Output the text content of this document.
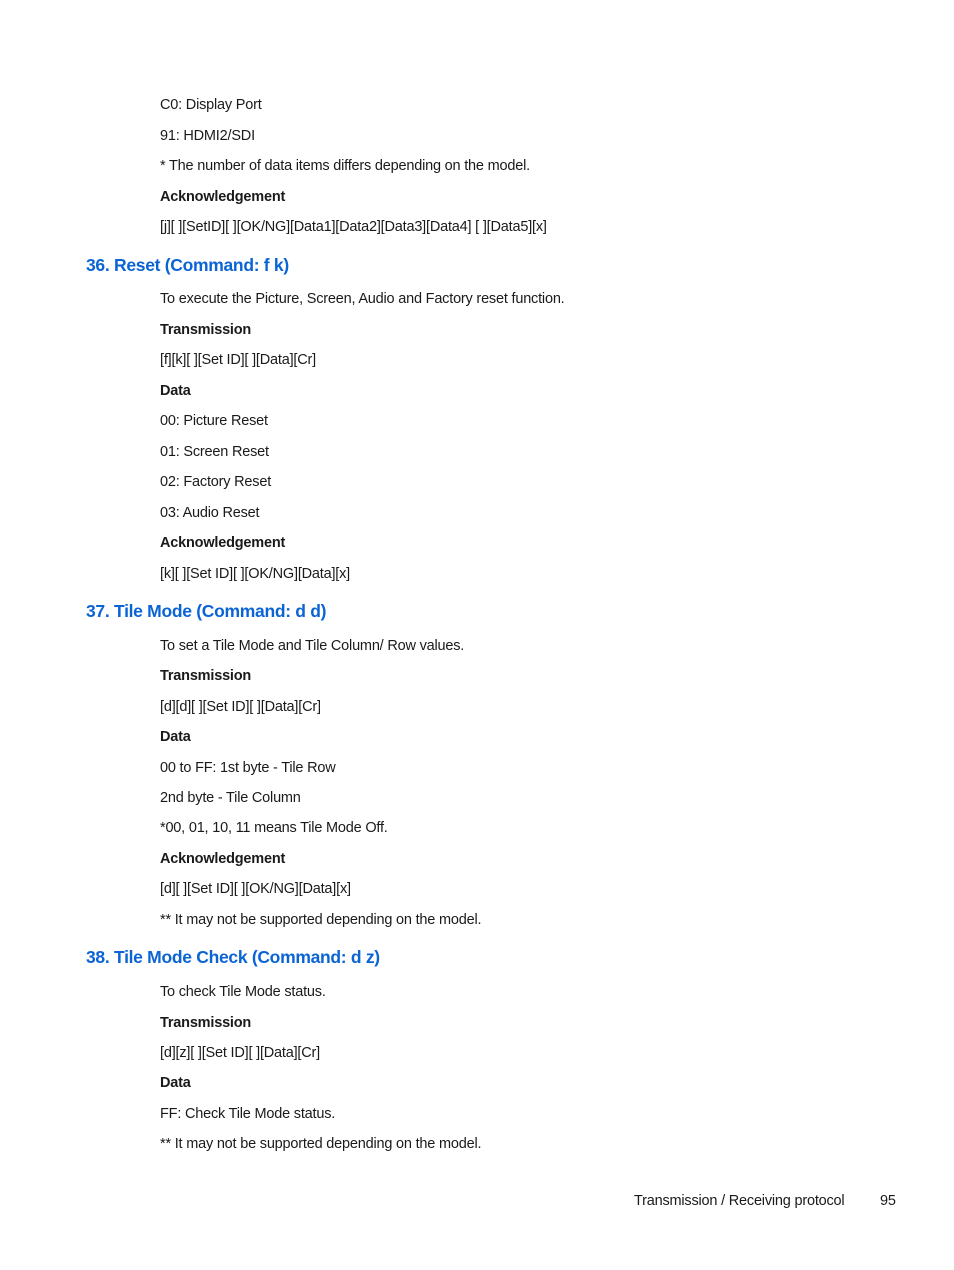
C0: Display Port
91: HDMI2/SDI
* The number of data items differs depending on the model.
Acknowledgement
[j][ ][SetID][ ][OK/NG][Data1][Data2][Data3][Data4] [ ][Data5][x]
36. Reset (Command: f k)
To execute the Picture, Screen, Audio and Factory reset function.
Transmission
[f][k][ ][Set ID][ ][Data][Cr]
Data
00: Picture Reset
01: Screen Reset
02: Factory Reset
03: Audio Reset
Acknowledgement
[k][ ][Set ID][ ][OK/NG][Data][x]
37. Tile Mode (Command: d d)
To set a Tile Mode and Tile Column/ Row values.
Transmission
[d][d][ ][Set ID][ ][Data][Cr]
Data
00 to FF: 1st byte - Tile Row
2nd byte - Tile Column
*00, 01, 10, 11 means Tile Mode Off.
Acknowledgement
[d][ ][Set ID][ ][OK/NG][Data][x]
** It may not be supported depending on the model.
38. Tile Mode Check (Command: d z)
To check Tile Mode status.
Transmission
[d][z][ ][Set ID][ ][Data][Cr]
Data
FF: Check Tile Mode status.
** It may not be supported depending on the model.
Transmission / Receiving protocol 95
